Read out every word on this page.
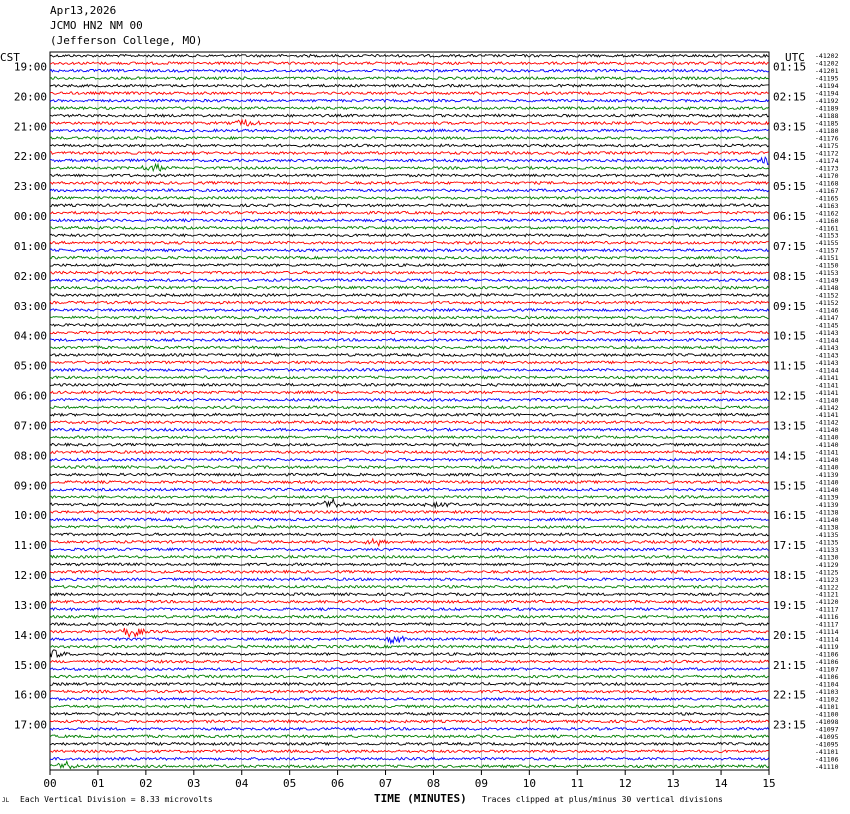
Apr13,2026
JCMO HN2 NM 00
(Jefferson College, MO)
-41202
-41202
-41201
-41195
-41194
-41194
-41192
-41189
-41188
-41185
-41180
-41176
-41175
-41172
-41174
-41173
-41170
-41168
-41167
-41165
-41163
-41162
-41160
-41161
-41153
-41155
-41157
-41151
-41150
-41153
-41149
-41148
-41152
-41152
-41146
-41147
-41145
-41143
-41144
-41143
-41143
-41143
-41144
-41141
-41141
-41141
-41140
-41142
-41141
-41142
-41140
-41140
-41140
-41141
-41140
-41140
-41139
-41140
-41140
-41139
-41139
-41138
-41140
-41138
-41135
-41135
-41133
-41130
-41129
-41125
-41123
-41122
-41121
-41120
-41117
-41116
-41117
-41114
-41114
-41119
-41106
-41106
-41107
-41106
-41104
-41103
-41102
-41101
-41100
-41098
-41097
-41095
-41095
-41101
-41106
-41110
19:00
20:00
21:00
22:00
23:00
00:00
01:00
02:00
03:00
04:00
05:00
06:00
07:00
08:00
09:00
10:00
11:00
12:00
13:00
14:00
15:00
16:00
17:00
01:15
02:15
03:15
04:15
05:15
06:15
07:15
08:15
09:15
10:15
11:15
12:15
13:15
14:15
15:15
16:15
17:15
18:15
19:15
20:15
21:15
22:15
23:15
CST	UTC
00	01	02	03	04	05	06	07	08	09	10	11	12	13	14	15
JL Each Vertical Division = 8.33 microvolts	TIME (MINUTES) Traces clipped at plus/minus 30 vertical divisions
